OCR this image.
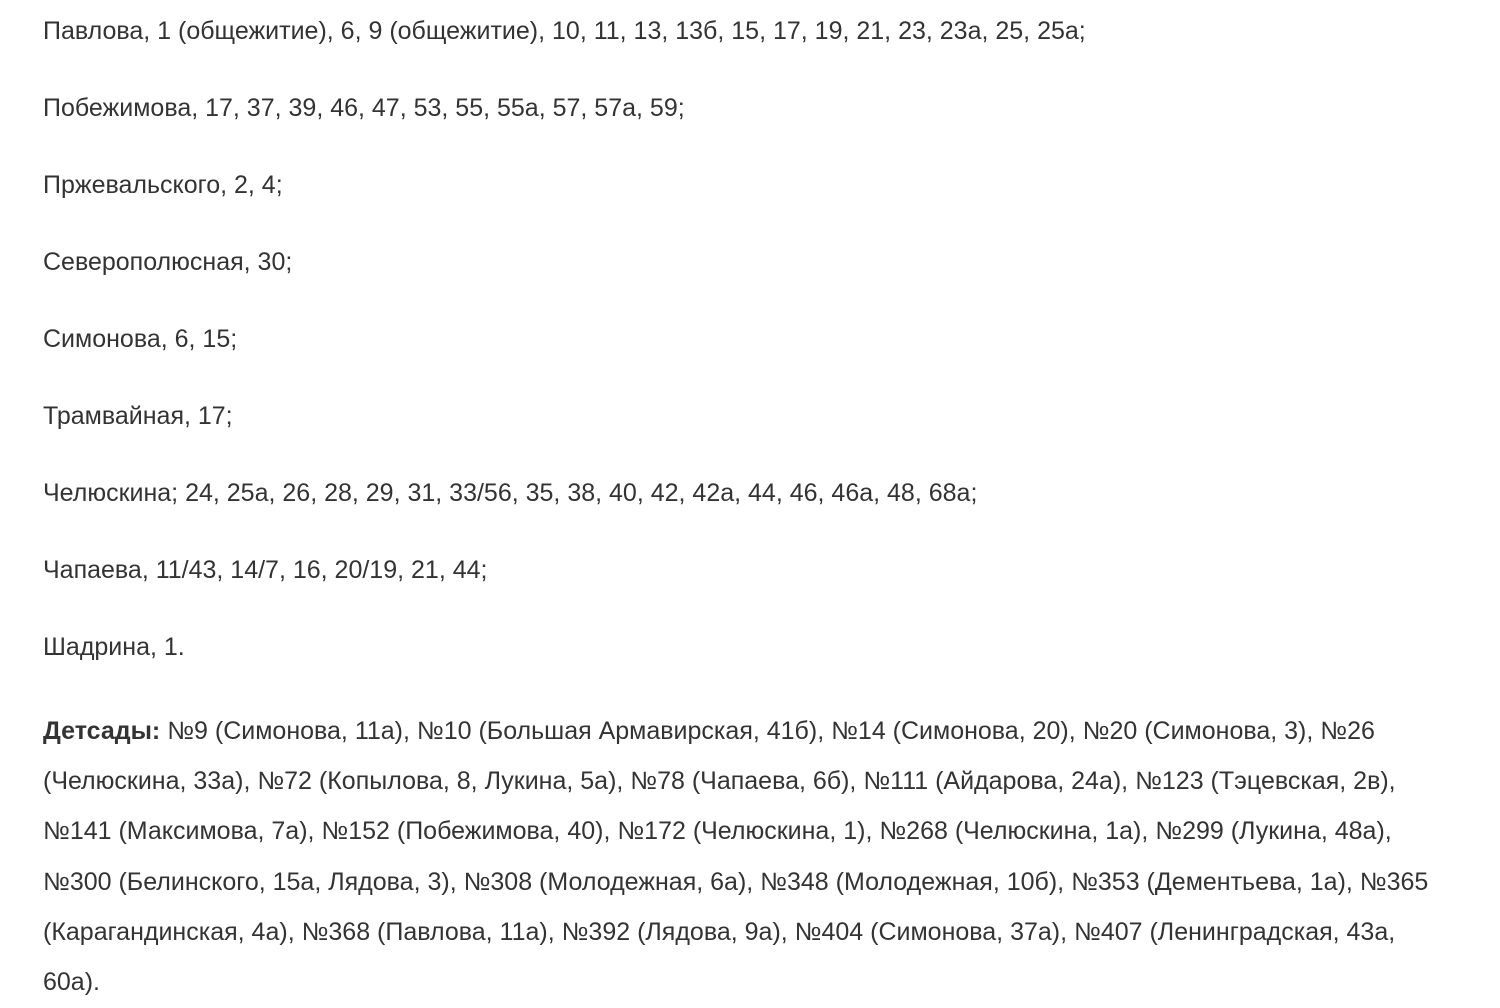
Павлова, 1 (общежитие), 6, 9 (общежитие), 10, 11, 13, 13б, 15, 17, 19, 21, 23, 23а, 25, 25а;
Побежимова, 17, 37, 39, 46, 47, 53, 55, 55а, 57, 57а, 59;
Пржевальского, 2, 4;
Северополюсная, 30;
Симонова, 6, 15;
Трамвайная, 17;
Челюскина; 24, 25а, 26, 28, 29, 31, 33/56, 35, 38, 40, 42, 42а, 44, 46, 46а, 48, 68а;
Чапаева, 11/43, 14/7, 16, 20/19, 21, 44;
Шадрина, 1.

Детсады: №9 (Симонова, 11а), №10 (Большая Армавирская, 41б), №14 (Симонова, 20), №20 (Симонова, 3), №26 (Челюскина, 33а), №72 (Копылова, 8, Лукина, 5а), №78 (Чапаева, 6б), №111 (Айдарова, 24а), №123 (Тэцевская, 2в), №141 (Максимова, 7а), №152 (Побежимова, 40), №172 (Челюскина, 1), №268 (Челюскина, 1а), №299 (Лукина, 48а), №300 (Белинского, 15а, Лядова, 3), №308 (Молодежная, 6а), №348 (Молодежная, 10б), №353 (Дементьева, 1а), №365 (Карагандинская, 4а), №368 (Павлова, 11а), №392 (Лядова, 9а), №404 (Симонова, 37а), №407 (Ленинградская, 43а, 60а).
